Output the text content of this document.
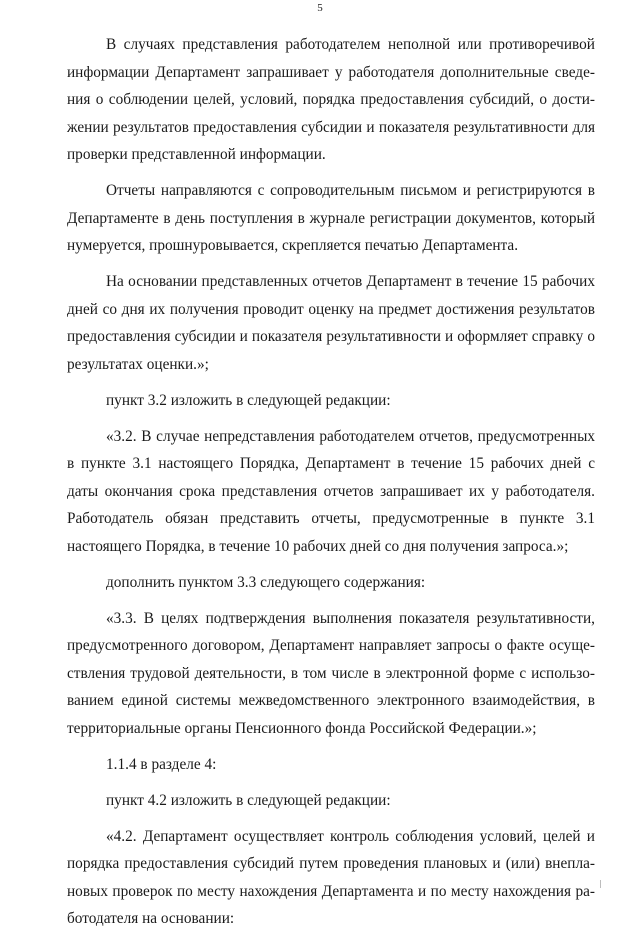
5

В случаях представления работодателем неполной или противоречивой информации Департамент запрашивает у работодателя дополнительные сведения о соблюдении целей, условий, порядка предоставления субсидий, о достижении результатов предоставления субсидии и показателя результативности для проверки представленной информации.

Отчеты направляются с сопроводительным письмом и регистрируются в Департаменте в день поступления в журнале регистрации документов, который нумеруется, прошнуровывается, скрепляется печатью Департамента.

На основании представленных отчетов Департамент в течение 15 рабочих дней со дня их получения проводит оценку на предмет достижения результатов предоставления субсидии и показателя результативности и оформляет справку о результатах оценки.»;

пункт 3.2 изложить в следующей редакции:

«3.2. В случае непредставления работодателем отчетов, предусмотренных в пункте 3.1 настоящего Порядка, Департамент в течение 15 рабочих дней с даты окончания срока представления отчетов запрашивает их у работодателя. Работодатель обязан представить отчеты, предусмотренные в пункте 3.1 настоящего Порядка, в течение 10 рабочих дней со дня получения запроса.»;

дополнить пунктом 3.3 следующего содержания:

«3.3. В целях подтверждения выполнения показателя результативности, предусмотренного договором, Департамент направляет запросы о факте осуществления трудовой деятельности, в том числе в электронной форме с использованием единой системы межведомственного электронного взаимодействия, в территориальные органы Пенсионного фонда Российской Федерации.»;

1.1.4 в разделе 4:

пункт 4.2 изложить в следующей редакции:

«4.2. Департамент осуществляет контроль соблюдения условий, целей и порядка предоставления субсидий путем проведения плановых и (или) внеплановых проверок по месту нахождения Департамента и по месту нахождения работодателя на основании:
